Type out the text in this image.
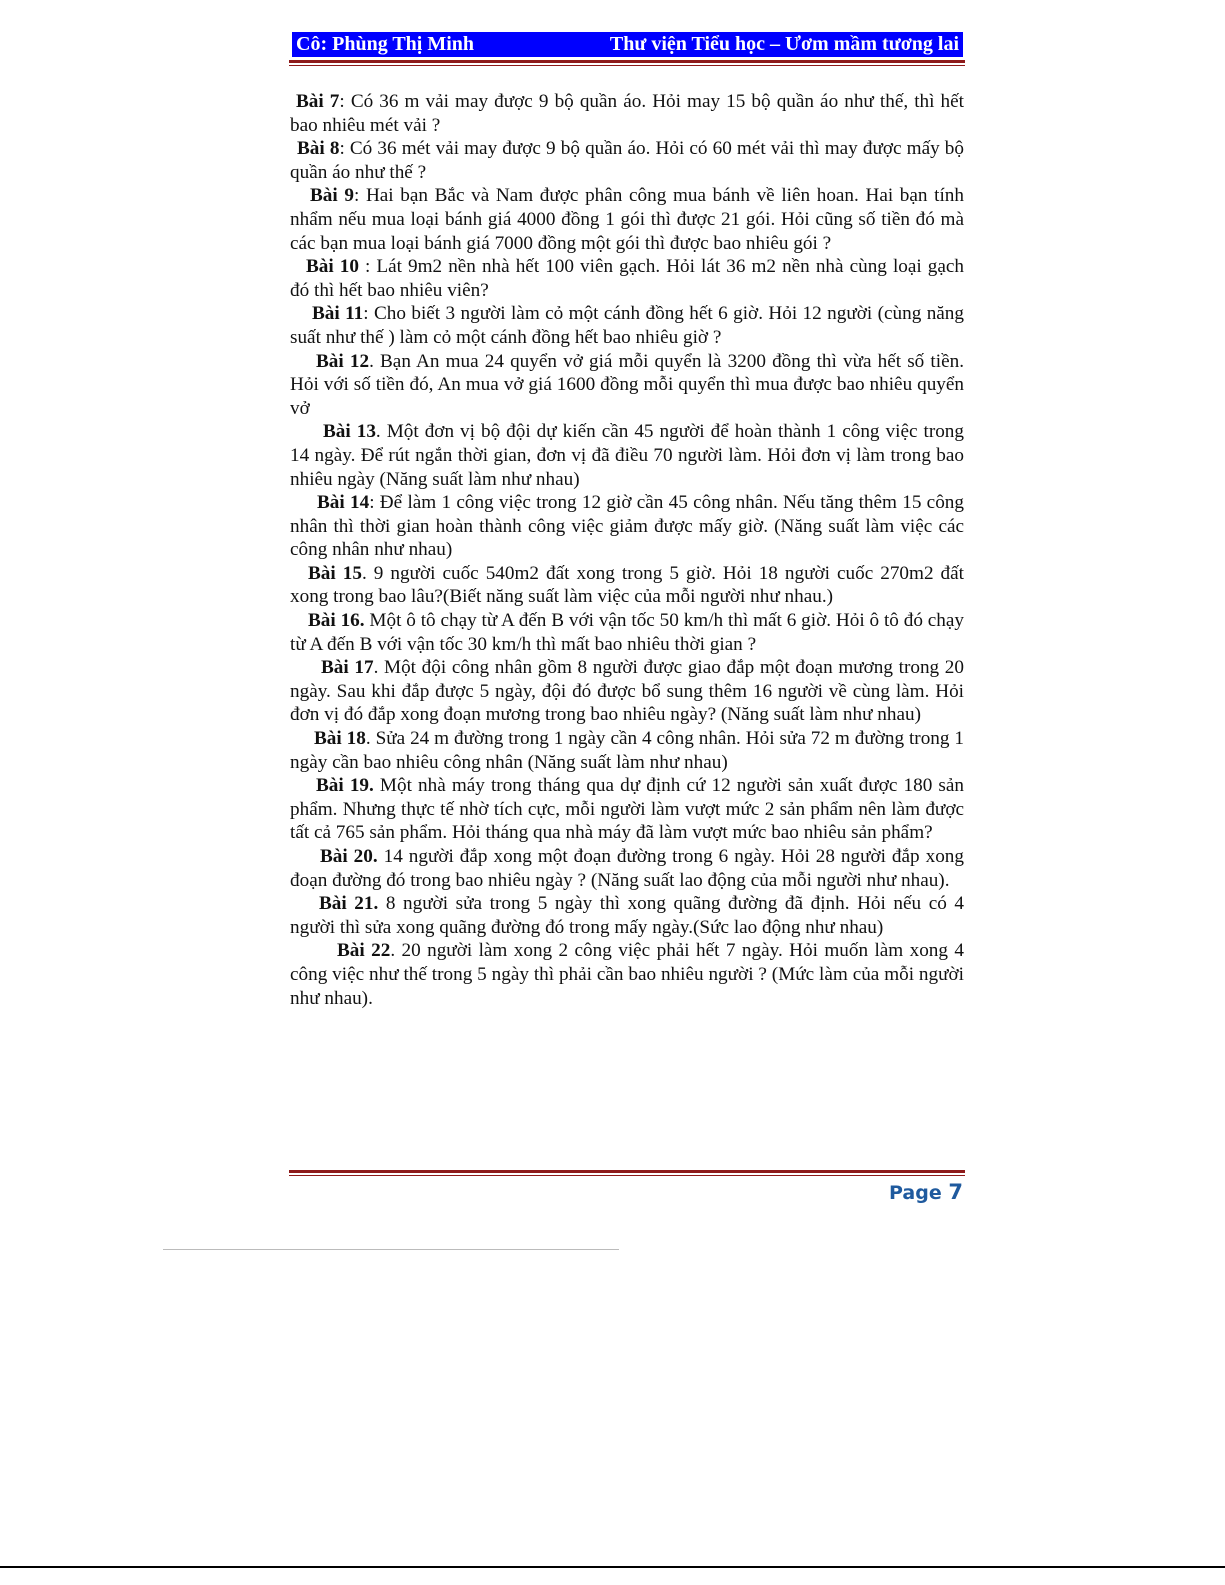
Cô: Phùng Thị Minh	Thư viện Tiểu học – Ươm mầm tương lai

Bài 7: Có 36 m vải may được 9 bộ quần áo. Hỏi may 15 bộ quần áo như thế, thì hết bao nhiêu mét vải ?

Bài 8: Có 36 mét vải may được 9 bộ quần áo. Hỏi có 60 mét vải thì may được mấy bộ quần áo như thế ?

Bài 9: Hai bạn Bắc và Nam được phân công mua bánh về liên hoan. Hai bạn tính nhẩm nếu mua loại bánh giá 4000 đồng 1 gói thì được 21 gói. Hỏi cũng số tiền đó mà các bạn mua loại bánh giá 7000 đồng một gói thì được bao nhiêu gói ?

Bài 10 : Lát 9m2 nền nhà hết 100 viên gạch. Hỏi lát 36 m2 nền nhà cùng loại gạch đó thì hết bao nhiêu viên?

Bài 11: Cho biết 3 người làm cỏ một cánh đồng hết 6 giờ. Hỏi 12 người (cùng năng suất như thế ) làm cỏ một cánh đồng hết bao nhiêu giờ ?

Bài 12. Bạn An mua 24 quyển vở giá mỗi quyển là 3200 đồng thì vừa hết số tiền. Hỏi với số tiền đó, An mua vở giá 1600 đồng mỗi quyển thì mua được bao nhiêu quyển vở

Bài 13. Một đơn vị bộ đội dự kiến cần 45 người để hoàn thành 1 công việc trong 14 ngày. Để rút ngắn thời gian, đơn vị đã điều 70 người làm. Hỏi đơn vị làm trong bao nhiêu ngày (Năng suất làm như nhau)

Bài 14: Để làm 1 công việc trong 12 giờ cần 45 công nhân. Nếu tăng thêm 15 công nhân thì thời gian hoàn thành công việc giảm được mấy giờ. (Năng suất làm việc các công nhân như nhau)

Bài 15. 9 người cuốc 540m2 đất xong trong 5 giờ. Hỏi 18 người cuốc 270m2 đất xong trong bao lâu?(Biết năng suất làm việc của mỗi người như nhau.)

Bài 16. Một ô tô chạy từ A đến B với vận tốc 50 km/h thì mất 6 giờ. Hỏi ô tô đó chạy từ A đến B với vận tốc 30 km/h thì mất bao nhiêu thời gian ?

Bài 17. Một đội công nhân gồm 8 người được giao đắp một đoạn mương trong 20 ngày. Sau khi đắp được 5 ngày, đội đó được bổ sung thêm 16 người về cùng làm. Hỏi đơn vị đó đắp xong đoạn mương trong bao nhiêu ngày? (Năng suất làm như nhau)

Bài 18. Sửa 24 m đường trong 1 ngày cần 4 công nhân. Hỏi sửa 72 m đường trong 1 ngày cần bao nhiêu công nhân (Năng suất làm như nhau)

Bài 19. Một nhà máy trong tháng qua dự định cứ 12 người sản xuất được 180 sản phẩm. Nhưng thực tế nhờ tích cực, mỗi người làm vượt mức 2 sản phẩm nên làm được tất cả 765 sản phẩm. Hỏi tháng qua nhà máy đã làm vượt mức bao nhiêu sản phẩm?

Bài 20. 14 người đắp xong một đoạn đường trong 6 ngày. Hỏi 28 người đắp xong đoạn đường đó trong bao nhiêu ngày ? (Năng suất lao động của mỗi người như nhau).

Bài 21. 8 người sửa trong 5 ngày thì xong quãng đường đã định. Hỏi nếu có 4 người thì sửa xong quãng đường đó trong mấy ngày.(Sức lao động như nhau)

Bài 22. 20 người làm xong 2 công việc phải hết 7 ngày. Hỏi muốn làm xong 4 công việc như thế trong 5 ngày thì phải cần bao nhiêu người ? (Mức làm của mỗi người như nhau).

Page 7
